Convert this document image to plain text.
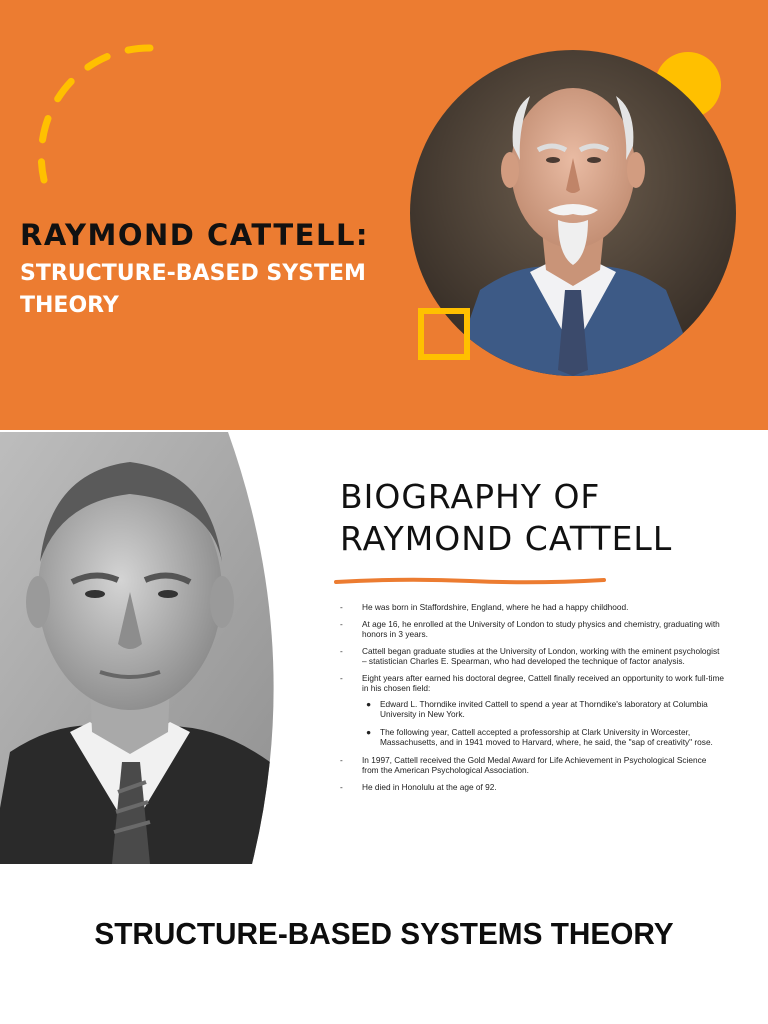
RAYMOND CATTELL:
STRUCTURE-BASED SYSTEM THEORY
BIOGRAPHY OF RAYMOND CATTELL
- He was born in Staffordshire, England, where he had a happy childhood.
- At age 16, he enrolled at the University of London to study physics and chemistry, graduating with honors in 3 years.
- Cattell began graduate studies at the University of London, working with the eminent psychologist – statistician Charles E. Spearman, who had developed the technique of factor analysis.
- Eight years after earned his doctoral degree, Cattell finally received an opportunity to work full-time in his chosen field:
● Edward L. Thorndike invited Cattell to spend a year at Thorndike's laboratory at Columbia University in New York.
● The following year, Cattell accepted a professorship at Clark University in Worcester, Massachusetts, and in 1941 moved to Harvard, where, he said, the "sap of creativity" rose.
- In 1997, Cattell received the Gold Medal Award for Life Achievement in Psychological Science from the American Psychological Association.
- He died in Honolulu at the age of 92.
STRUCTURE-BASED SYSTEMS THEORY
